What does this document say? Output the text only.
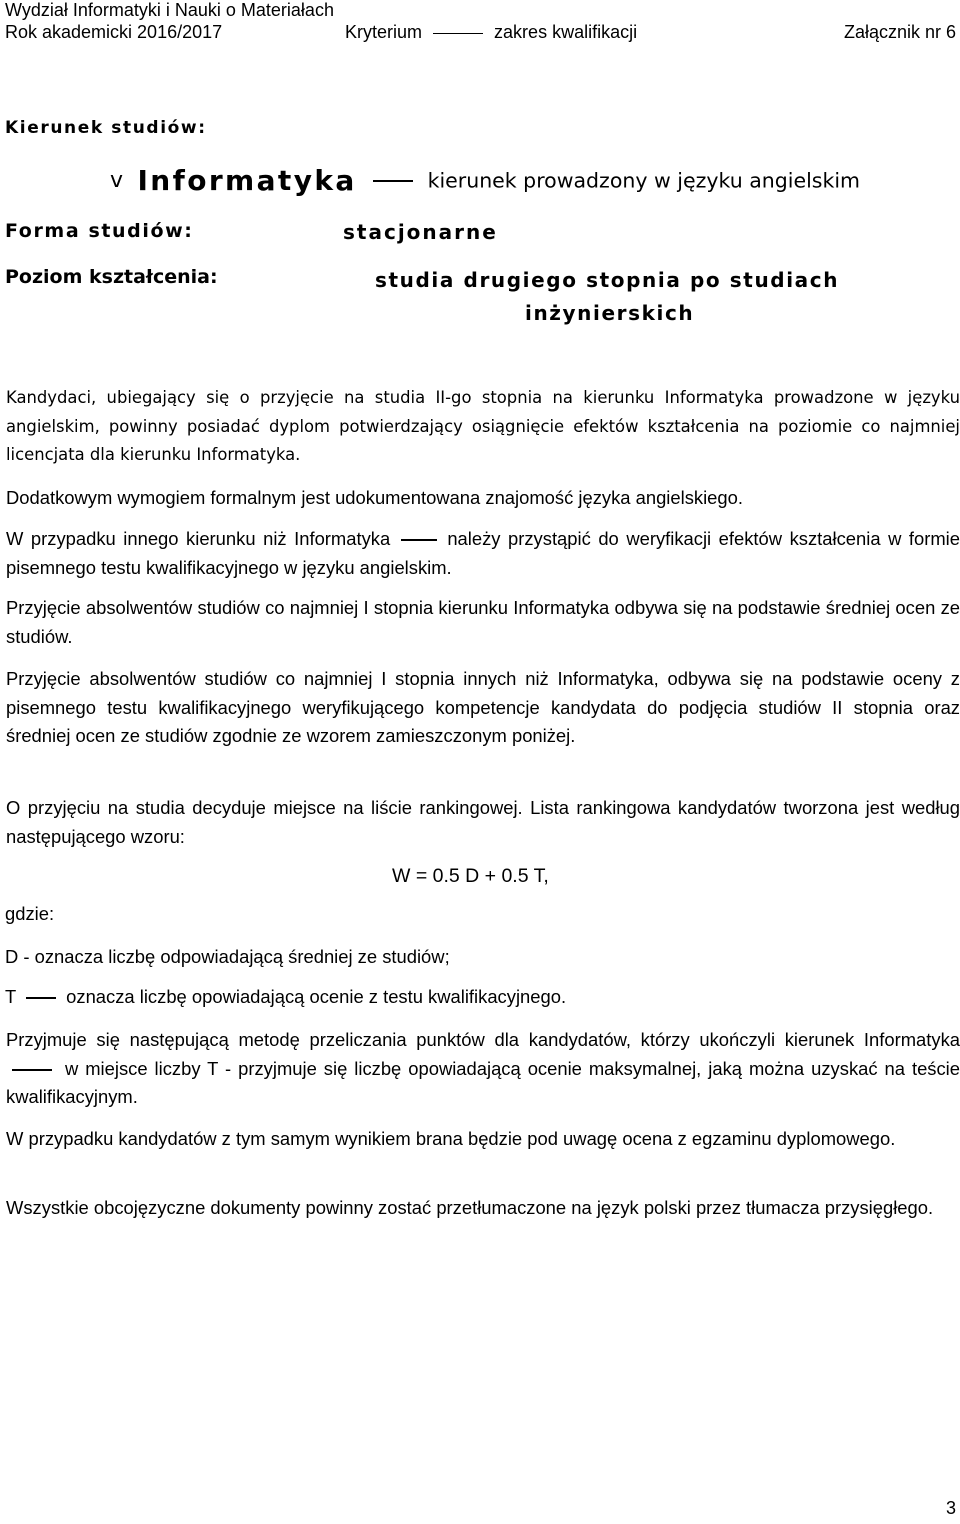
Wydział Informatyki i Nauki o Materiałach
Rok akademicki 2016/2017	Kryterium	zakres kwalifikacji	Załącznik nr 6
Kierunek studiów:
v Informatyka	kierunek prowadzony w języku angielskim
Forma studiów:	stacjonarne
Poziom kształcenia:	studia drugiego stopnia po studiach
inżynierskich
Kandydaci, ubiegający się o przyjęcie na studia II-go stopnia na kierunku Informatyka prowadzone w języku angielskim, powinny posiadać dyplom potwierdzający osiągnięcie efektów kształcenia na poziomie co najmniej licencjata dla kierunku Informatyka.
Dodatkowym wymogiem formalnym jest udokumentowana znajomość języka angielskiego.
W przypadku innego kierunku niż Informatyka	należy przystąpić do weryfikacji efektów kształcenia w formie pisemnego testu kwalifikacyjnego w języku angielskim.
Przyjęcie absolwentów studiów co najmniej I stopnia kierunku Informatyka odbywa się na podstawie średniej ocen ze studiów.
Przyjęcie absolwentów studiów co najmniej I stopnia innych niż Informatyka, odbywa się na podstawie oceny z pisemnego testu kwalifikacyjnego weryfikującego kompetencje kandydata do podjęcia studiów II stopnia oraz średniej ocen ze studiów zgodnie ze wzorem zamieszczonym poniżej.
O przyjęciu na studia decyduje miejsce na liście rankingowej. Lista rankingowa kandydatów tworzona jest według następującego wzoru:
W = 0.5 D + 0.5 T,
gdzie:
D - oznacza liczbę odpowiadającą średniej ze studiów;
T	oznacza liczbę opowiadającą ocenie z testu kwalifikacyjnego.
Przyjmuje się następującą metodę przeliczania punktów dla kandydatów, którzy ukończyli kierunek Informatyka  w miejsce liczby T - przyjmuje się liczbę opowiadającą ocenie maksymalnej, jaką można uzyskać na teście kwalifikacyjnym.
W przypadku kandydatów z tym samym wynikiem brana będzie pod uwagę ocena z egzaminu dyplomowego.
Wszystkie obcojęzyczne dokumenty powinny zostać przetłumaczone na język polski przez tłumacza przysięgłego.
3
